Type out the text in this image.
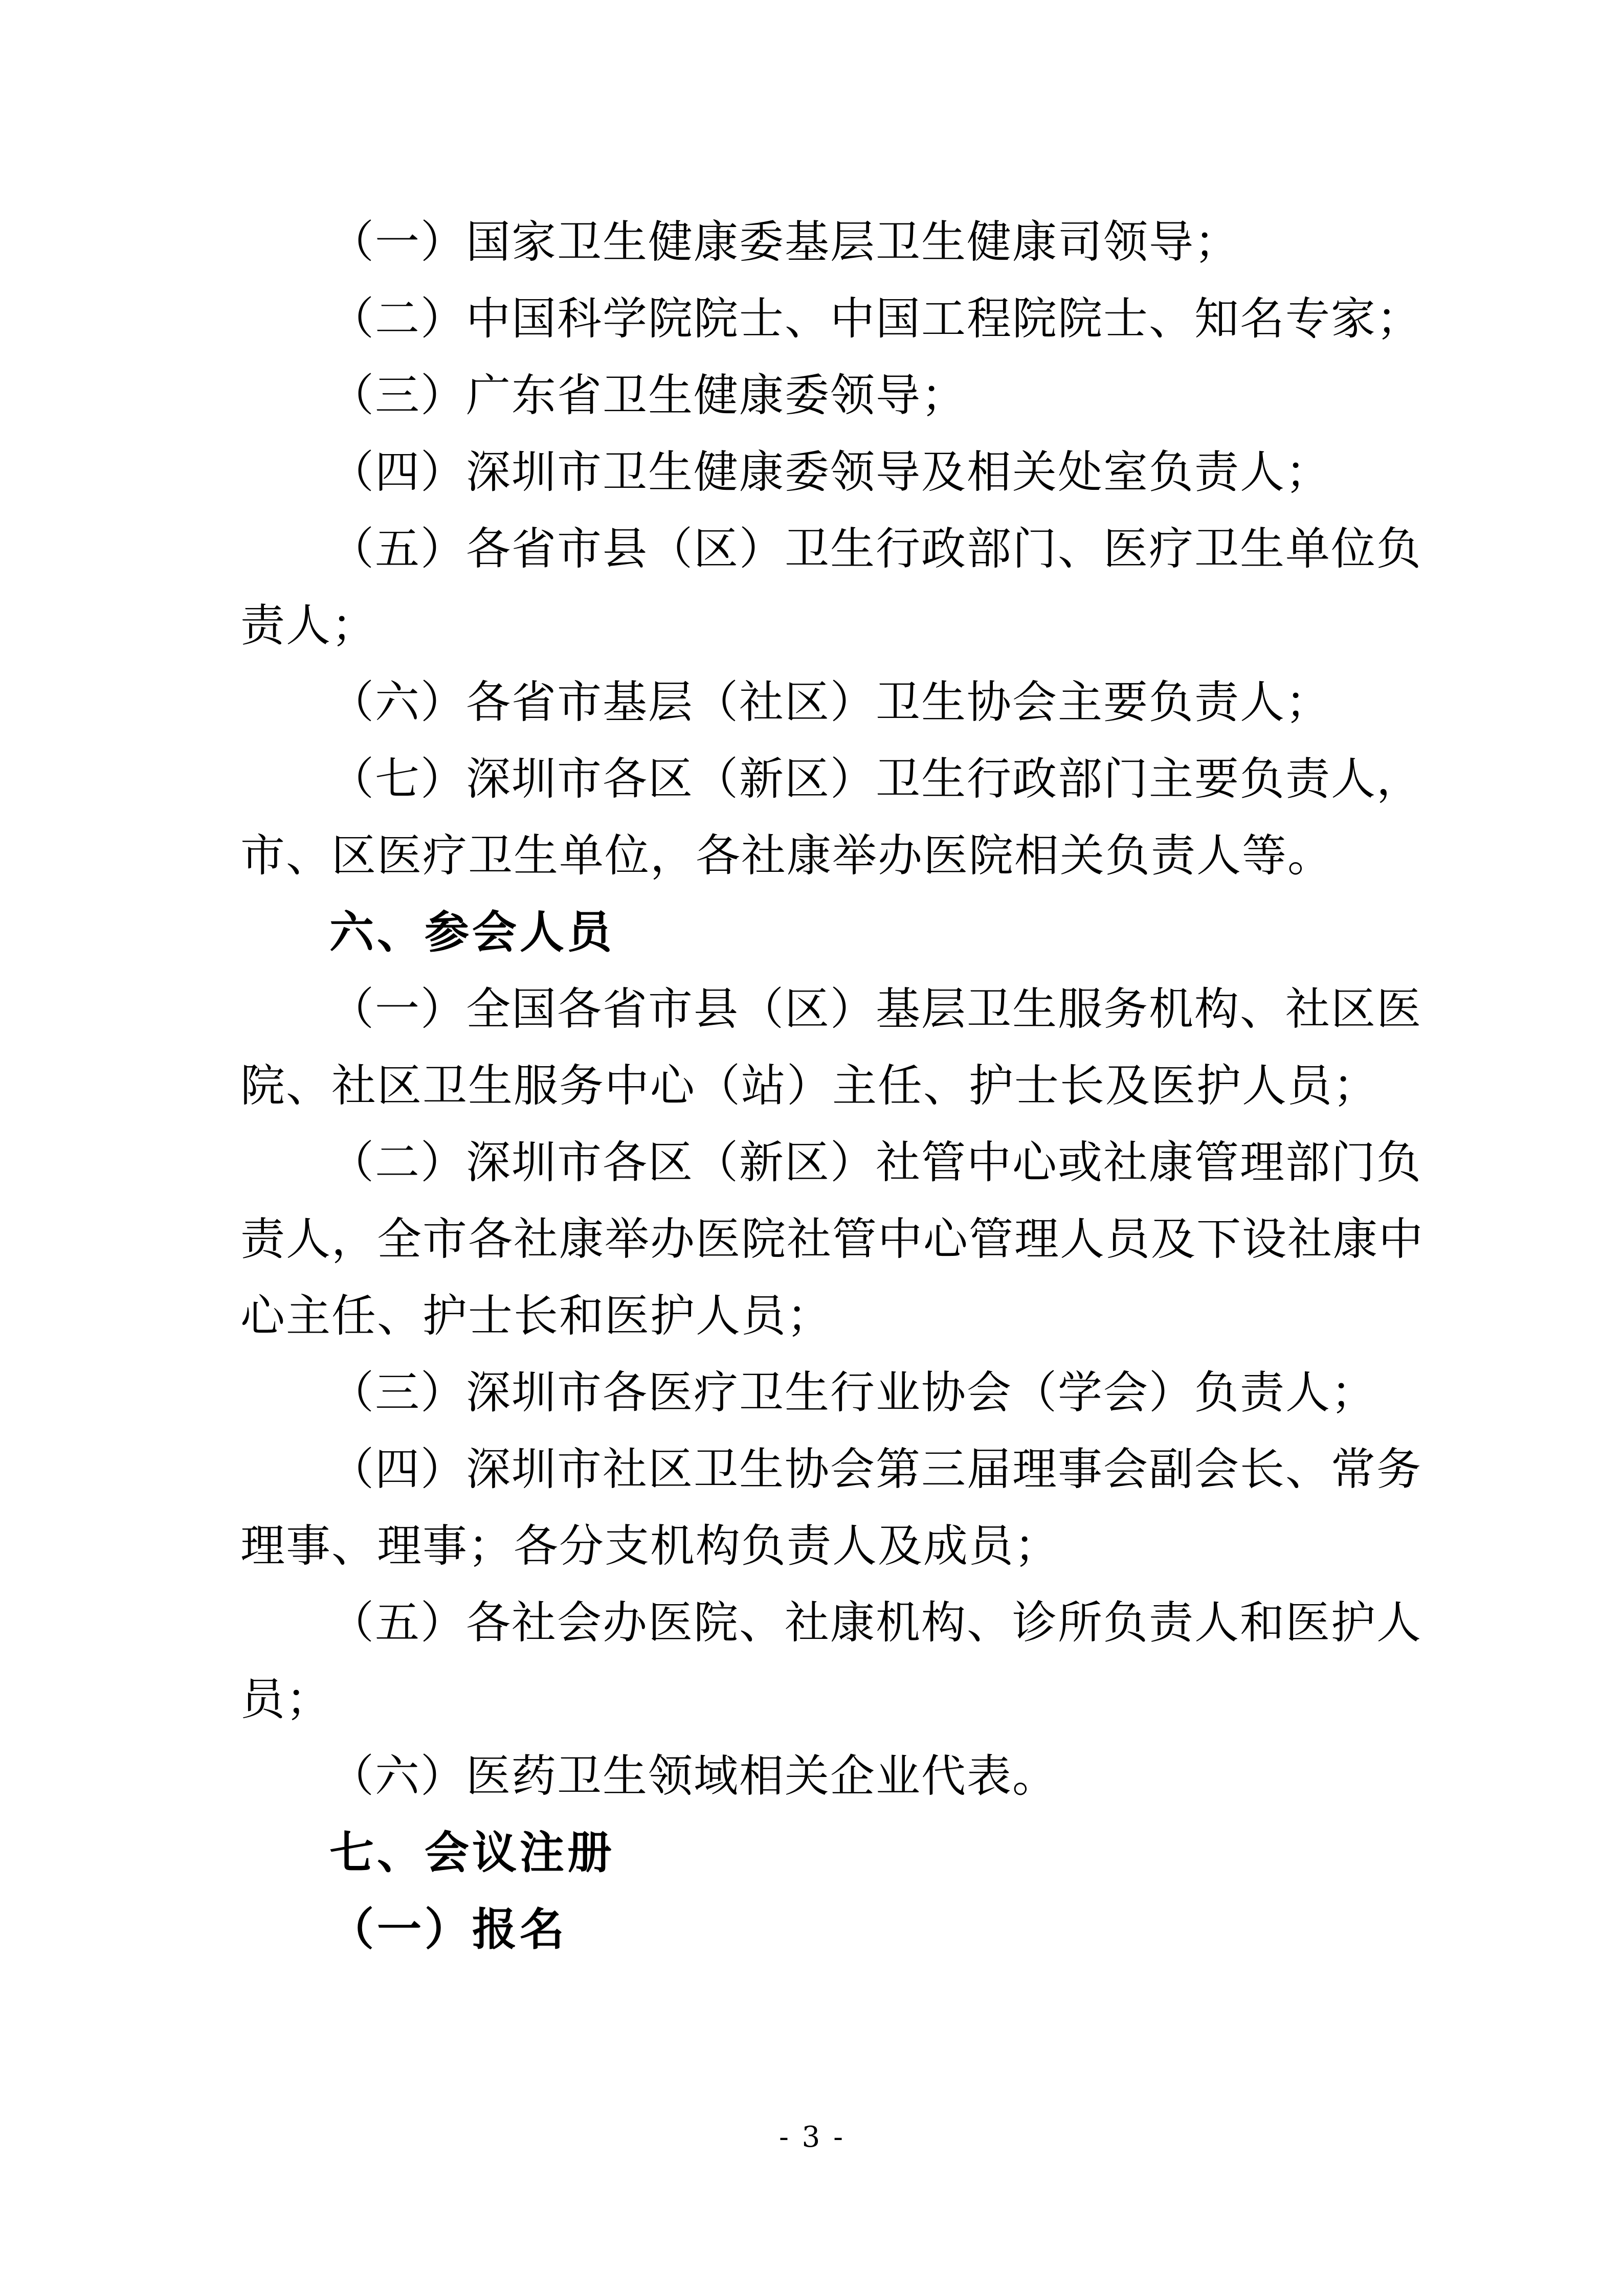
（一）国家卫生健康委基层卫生健康司领导；
（二）中国科学院院士、中国工程院院士、知名专家；
（三）广东省卫生健康委领导；
（四）深圳市卫生健康委领导及相关处室负责人；
（ 五 ） 各 省 市 县 （ 区 ） 卫 生 行 政 部 门 、 医 疗 卫 生 单 位 负
责人；
（六）各省市基层（社区）卫生协会主要负责人；
（ 七 ） 深 圳 市 各 区 （ 新 区 ） 卫 生 行 政 部 门 主 要 负 责 人 ，
市、区医疗卫生单位，各社康举办医院相关负责人等。
六、参会人员
（ 一 ） 全 国 各 省 市 县 （ 区 ） 基 层 卫 生 服 务 机 构 、 社 区 医
院、社区卫生服务中心（站）主任、护士长及医护人员；
（ 二 ） 深 圳 市 各 区 （ 新 区 ） 社 管 中 心 或 社 康 管 理 部 门 负
责 人 ， 全 市 各 社 康 举 办 医 院 社 管 中 心 管 理 人 员 及 下 设 社 康 中
心主任、护士长和医护人员；
（三）深圳市各医疗卫生行业协会（学会）负责人；
（ 四 ） 深 圳 市 社 区 卫 生 协 会 第 三 届 理 事 会 副 会 长 、 常 务
理事、理事；各分支机构负责人及成员；
（ 五 ） 各 社 会 办 医 院 、 社 康 机 构 、 诊 所 负 责 人 和 医 护 人
员；
（六）医药卫生领域相关企业代表。
七、会议注册
（一）报名
- 3 -
